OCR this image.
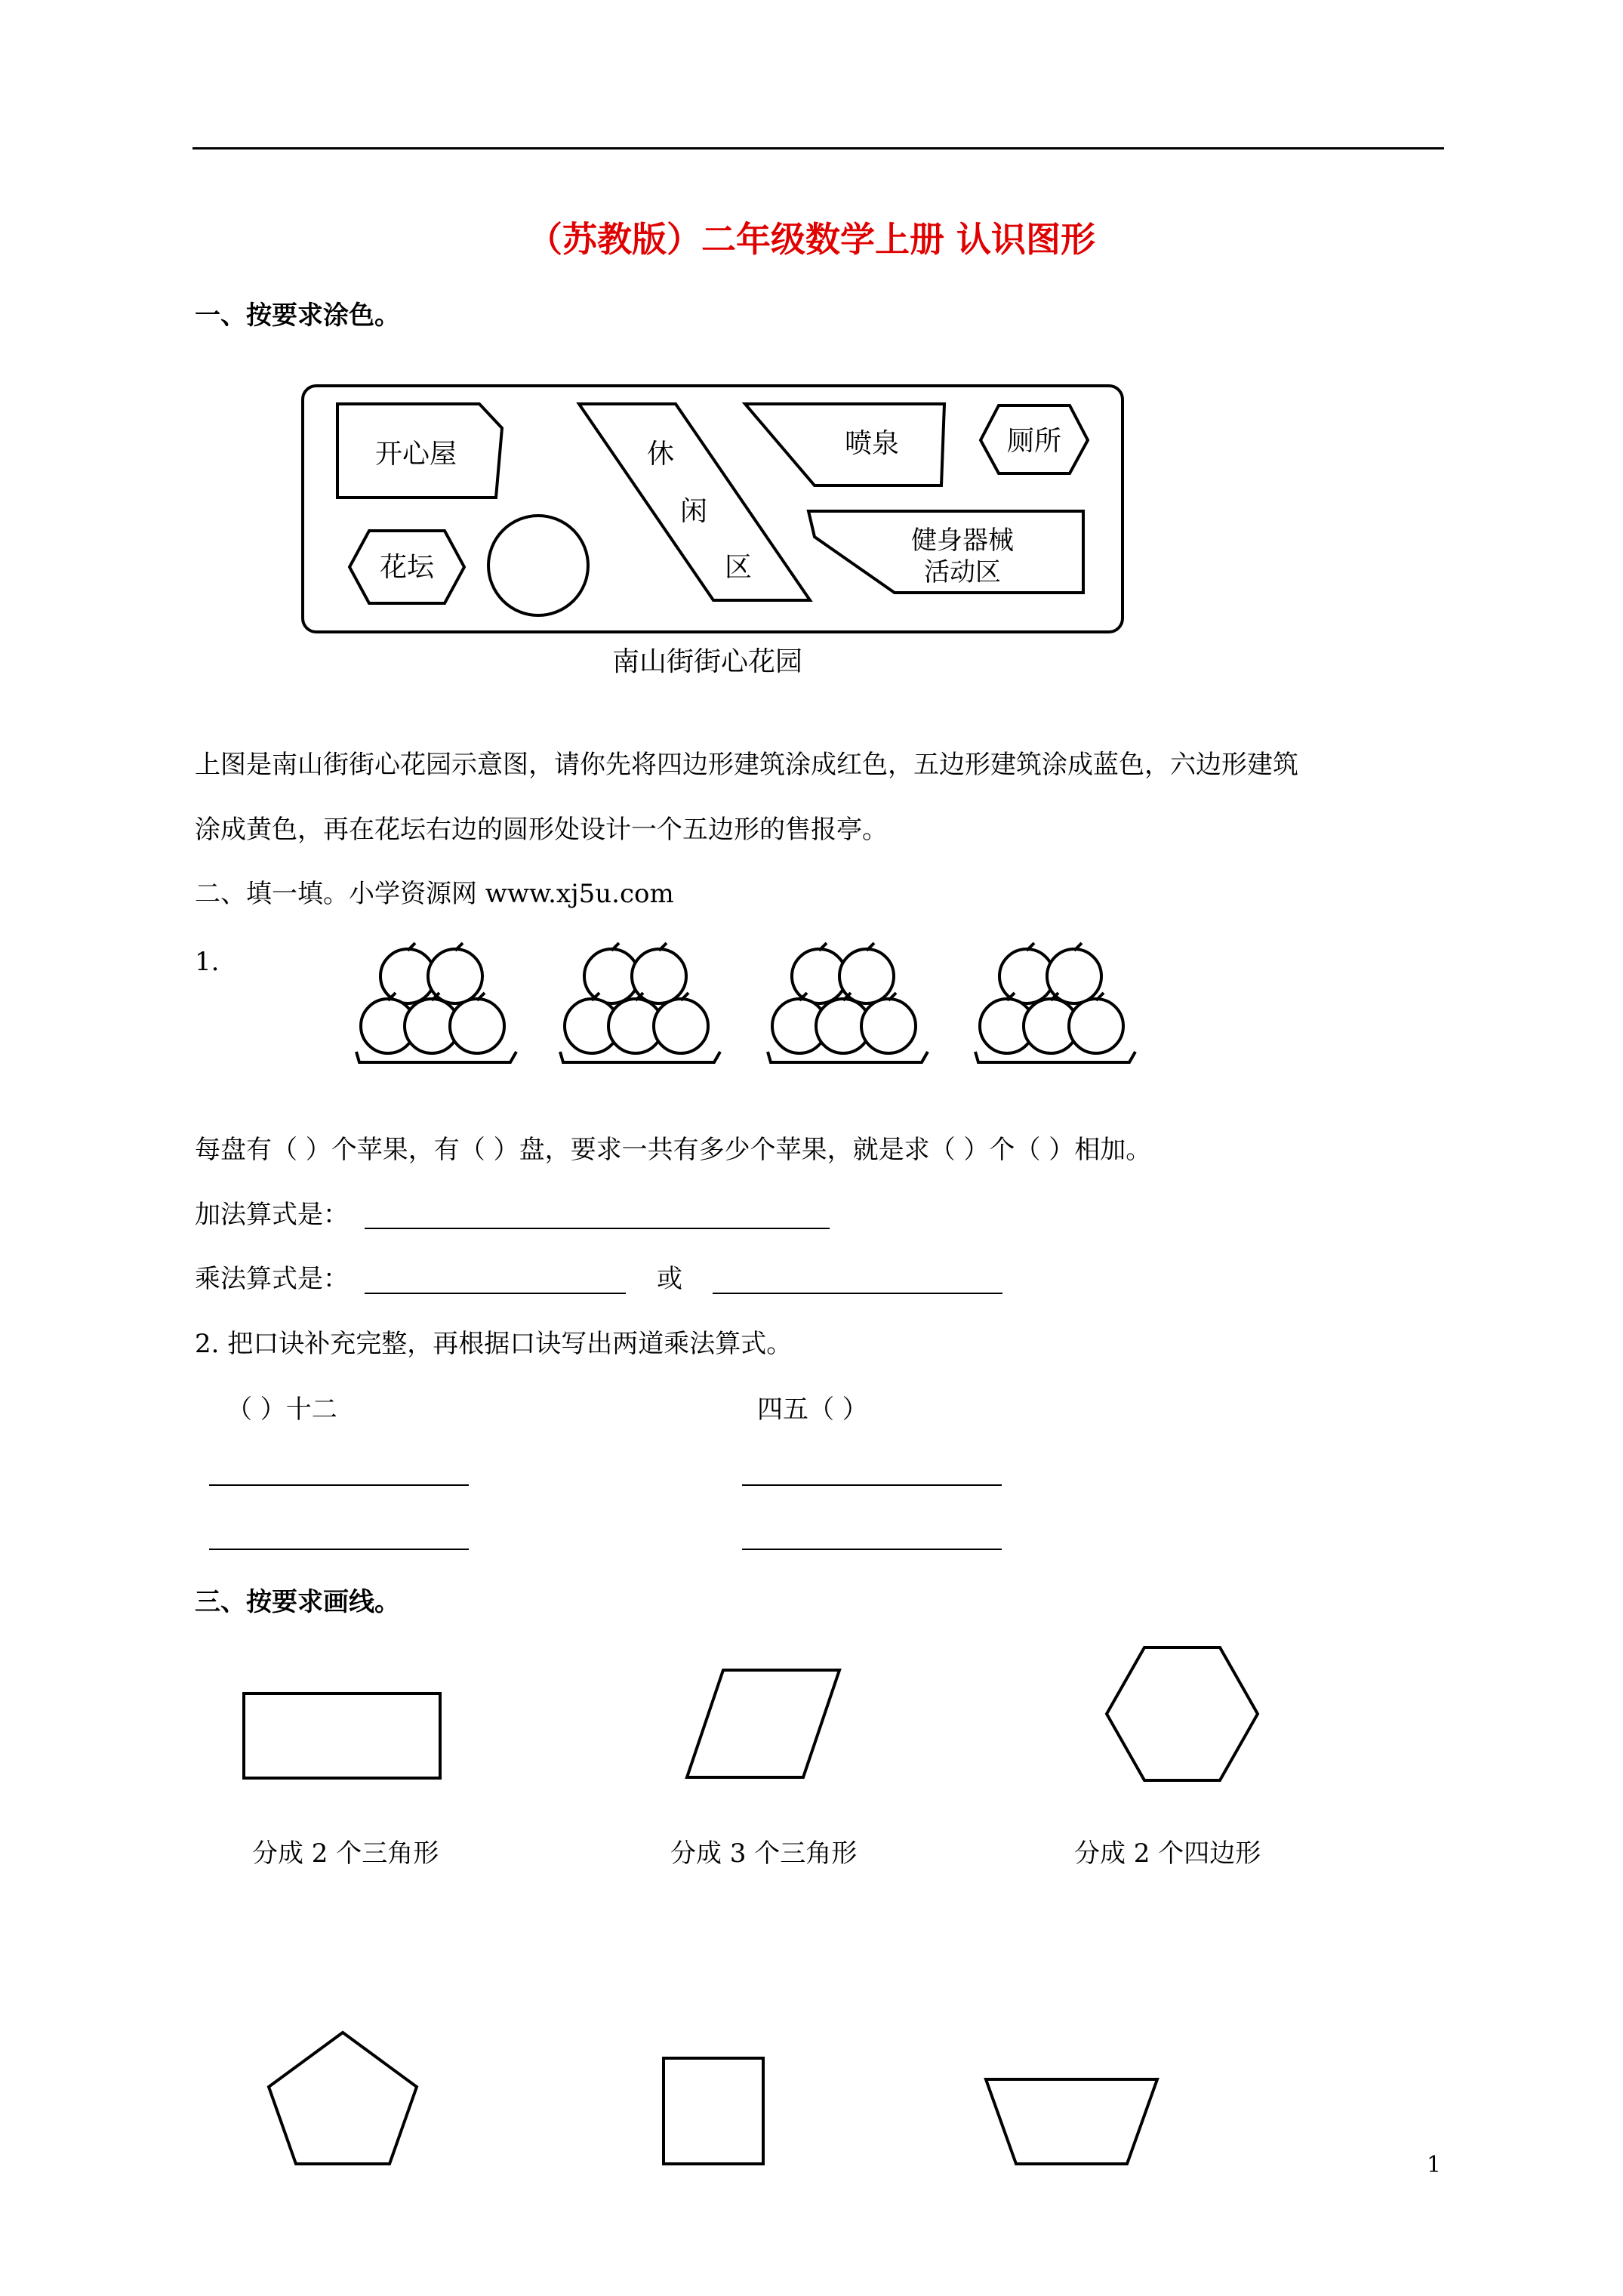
（苏教版）二年级数学上册 认识图形
一、按要求涂色。
开心屋	休
闲
区
喷泉	厕所
花坛
健身器械
活动区
南山街街心花园
上图是南山街街心花园示意图，请你先将四边形建筑涂成红色，五边形建筑涂成蓝色，六边形建筑
涂成黄色，再在花坛右边的圆形处设计一个五边形的售报亭。
二、填一填。小学资源网 www.xj5u.com
1.
每盘有（ ）个苹果，有（ ）盘，要求一共有多少个苹果，就是求（ ）个（ ）相加。
加法算式是：
乘法算式是：	或
2. 把口诀补充完整，再根据口诀写出两道乘法算式。
（ ）十二	四五（ ）
三、按要求画线。
分成 2 个三角形	分成 3 个三角形	分成 2 个四边形
1
